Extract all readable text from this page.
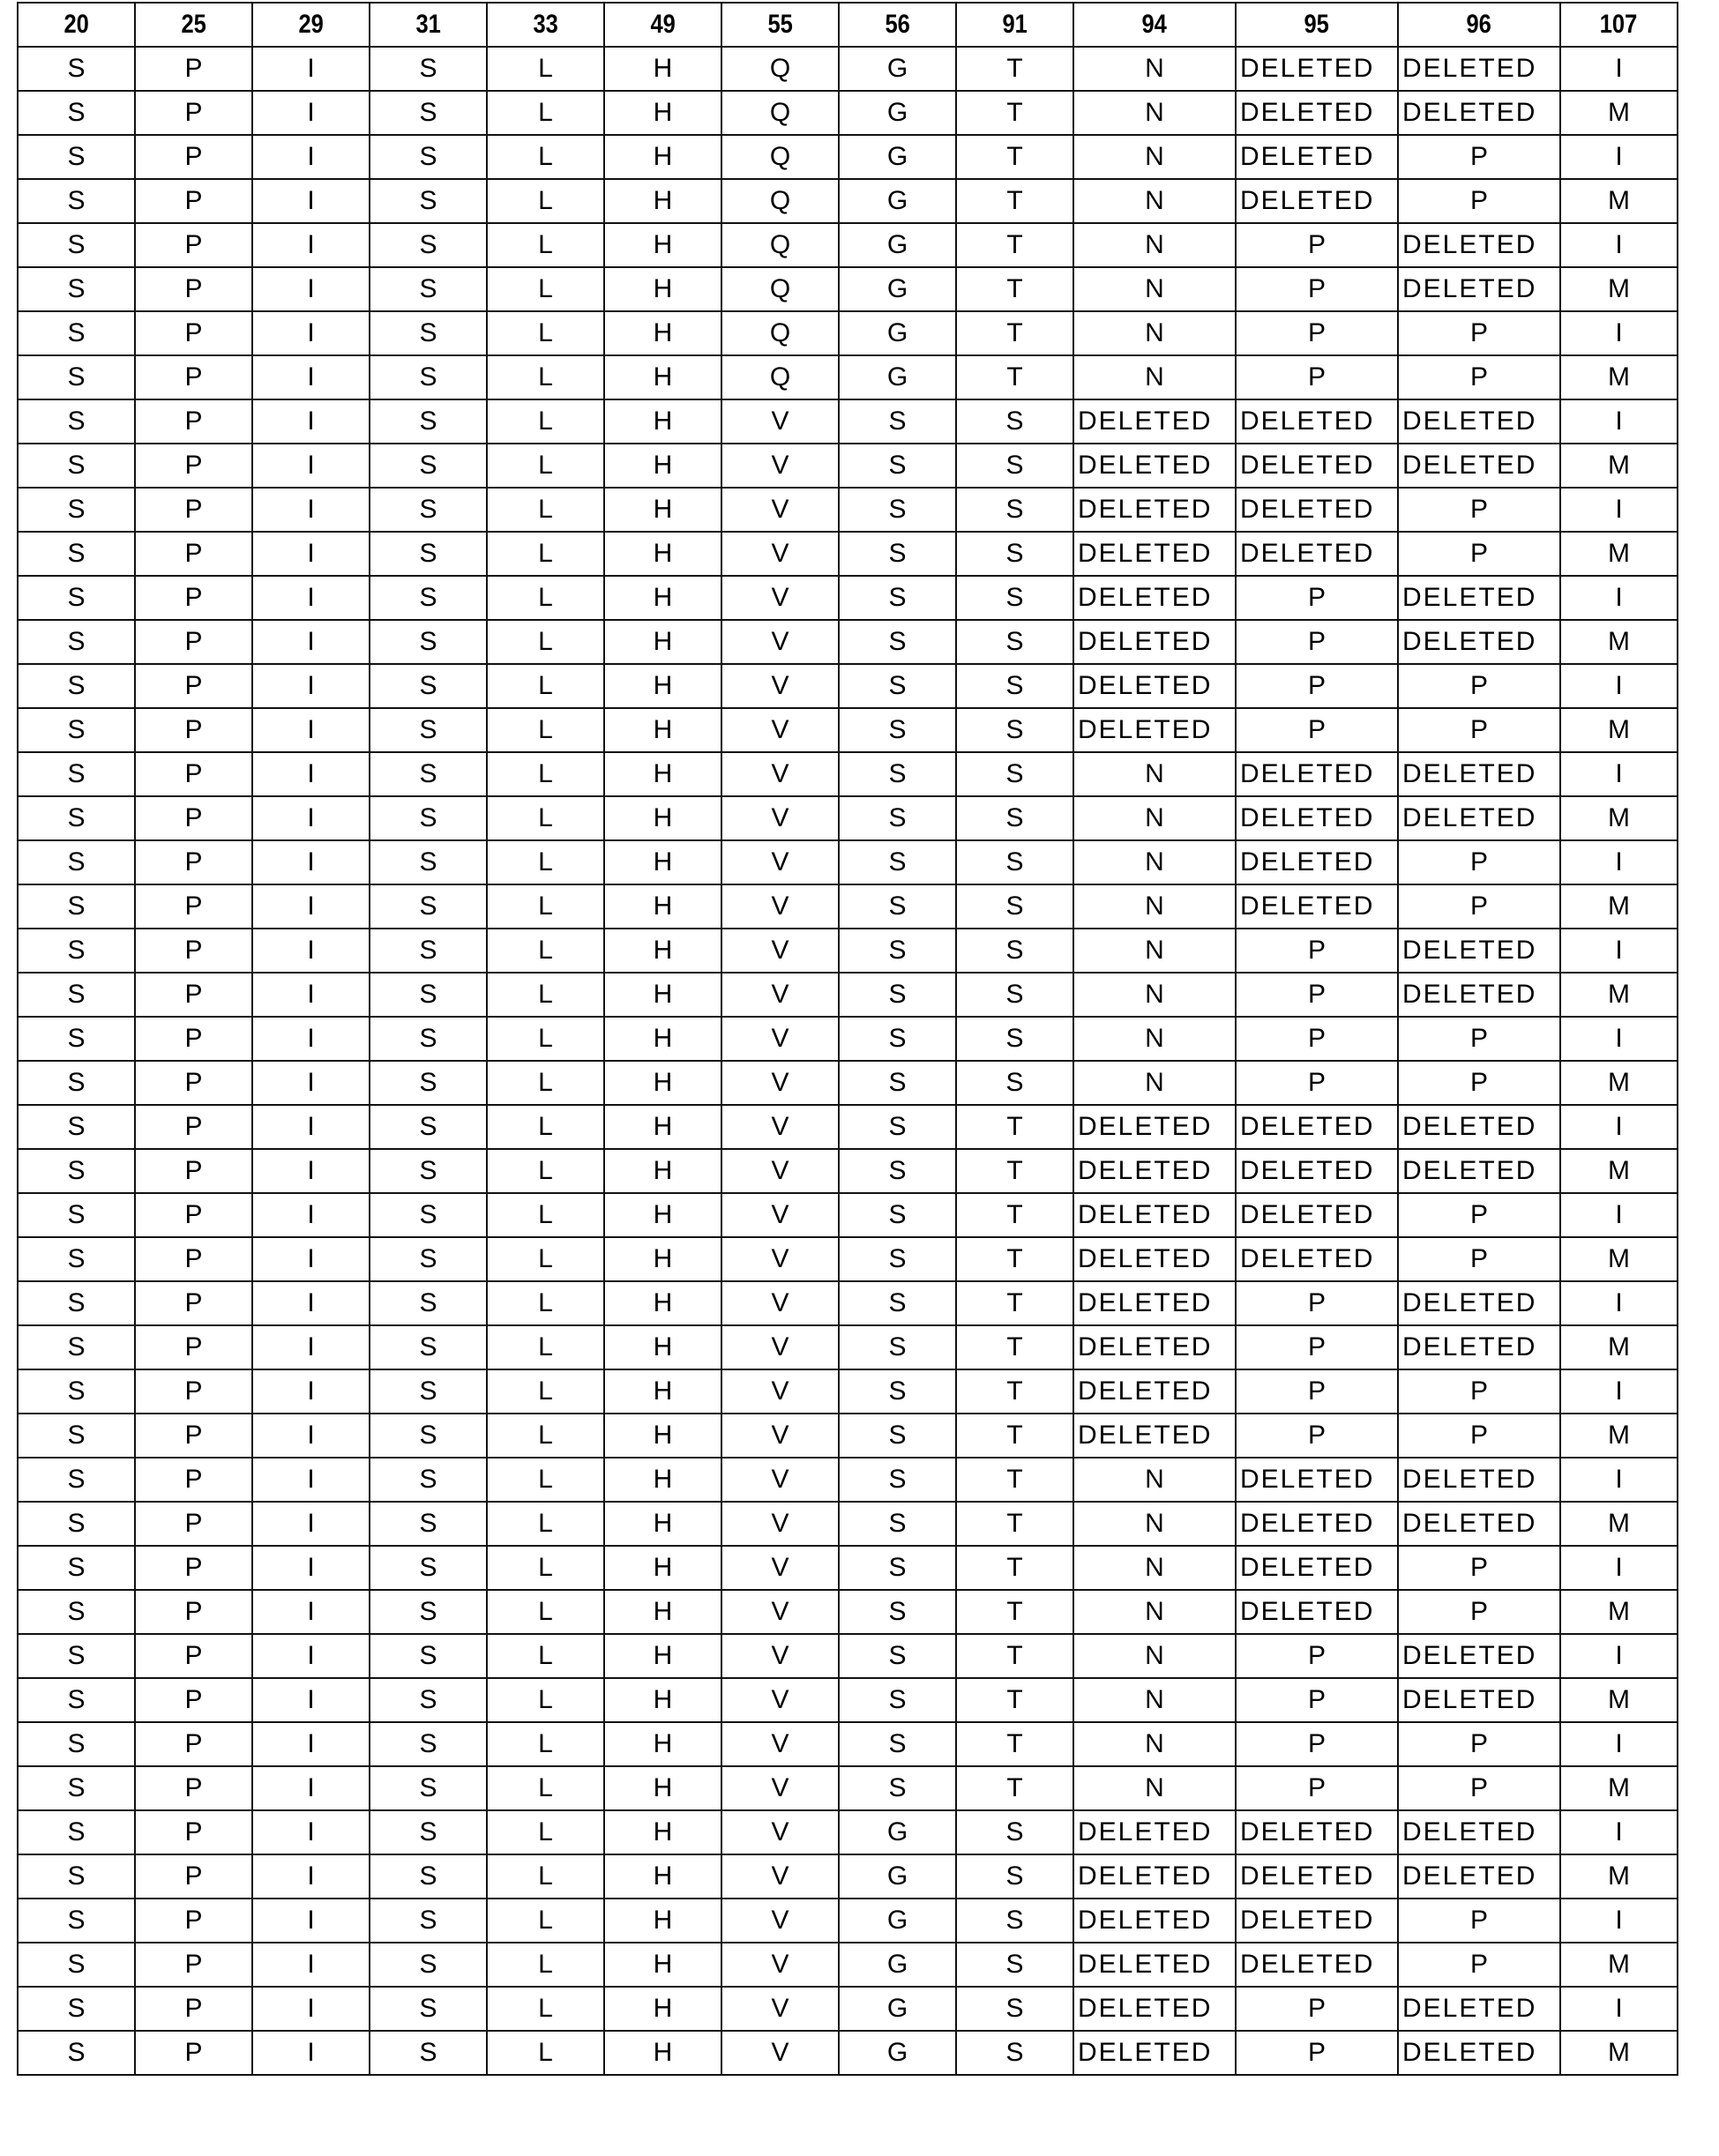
20	25	29	31	33	49	55	56	91	94	95	96	107
S	P	I	S	L	H	Q	G	T	N	DELETED	DELETED	I
S	P	I	S	L	H	Q	G	T	N	DELETED	DELETED	M
S	P	I	S	L	H	Q	G	T	N	DELETED	P	I
S	P	I	S	L	H	Q	G	T	N	DELETED	P	M
S	P	I	S	L	H	Q	G	T	N	P	DELETED	I
S	P	I	S	L	H	Q	G	T	N	P	DELETED	M
S	P	I	S	L	H	Q	G	T	N	P	P	I
S	P	I	S	L	H	Q	G	T	N	P	P	M
S	P	I	S	L	H	V	S	S	DELETED	DELETED	DELETED	I
S	P	I	S	L	H	V	S	S	DELETED	DELETED	DELETED	M
S	P	I	S	L	H	V	S	S	DELETED	DELETED	P	I
S	P	I	S	L	H	V	S	S	DELETED	DELETED	P	M
S	P	I	S	L	H	V	S	S	DELETED	P	DELETED	I
S	P	I	S	L	H	V	S	S	DELETED	P	DELETED	M
S	P	I	S	L	H	V	S	S	DELETED	P	P	I
S	P	I	S	L	H	V	S	S	DELETED	P	P	M
S	P	I	S	L	H	V	S	S	N	DELETED	DELETED	I
S	P	I	S	L	H	V	S	S	N	DELETED	DELETED	M
S	P	I	S	L	H	V	S	S	N	DELETED	P	I
S	P	I	S	L	H	V	S	S	N	DELETED	P	M
S	P	I	S	L	H	V	S	S	N	P	DELETED	I
S	P	I	S	L	H	V	S	S	N	P	DELETED	M
S	P	I	S	L	H	V	S	S	N	P	P	I
S	P	I	S	L	H	V	S	S	N	P	P	M
S	P	I	S	L	H	V	S	T	DELETED	DELETED	DELETED	I
S	P	I	S	L	H	V	S	T	DELETED	DELETED	DELETED	M
S	P	I	S	L	H	V	S	T	DELETED	DELETED	P	I
S	P	I	S	L	H	V	S	T	DELETED	DELETED	P	M
S	P	I	S	L	H	V	S	T	DELETED	P	DELETED	I
S	P	I	S	L	H	V	S	T	DELETED	P	DELETED	M
S	P	I	S	L	H	V	S	T	DELETED	P	P	I
S	P	I	S	L	H	V	S	T	DELETED	P	P	M
S	P	I	S	L	H	V	S	T	N	DELETED	DELETED	I
S	P	I	S	L	H	V	S	T	N	DELETED	DELETED	M
S	P	I	S	L	H	V	S	T	N	DELETED	P	I
S	P	I	S	L	H	V	S	T	N	DELETED	P	M
S	P	I	S	L	H	V	S	T	N	P	DELETED	I
S	P	I	S	L	H	V	S	T	N	P	DELETED	M
S	P	I	S	L	H	V	S	T	N	P	P	I
S	P	I	S	L	H	V	S	T	N	P	P	M
S	P	I	S	L	H	V	G	S	DELETED	DELETED	DELETED	I
S	P	I	S	L	H	V	G	S	DELETED	DELETED	DELETED	M
S	P	I	S	L	H	V	G	S	DELETED	DELETED	P	I
S	P	I	S	L	H	V	G	S	DELETED	DELETED	P	M
S	P	I	S	L	H	V	G	S	DELETED	P	DELETED	I
S	P	I	S	L	H	V	G	S	DELETED	P	DELETED	M
